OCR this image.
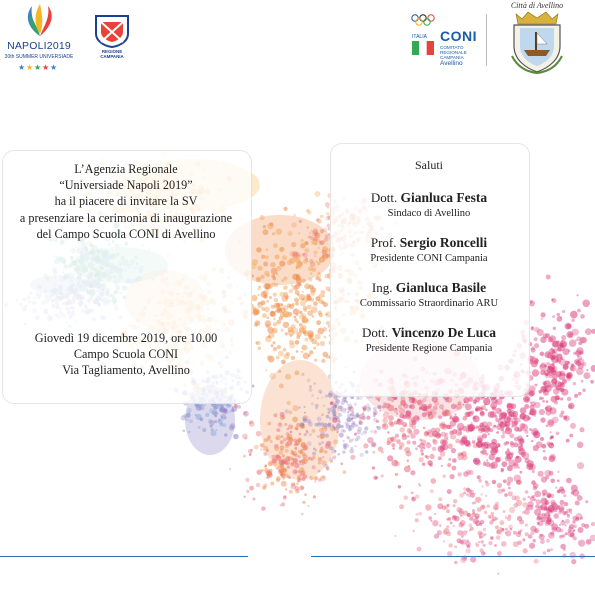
NAPOLI2019
30th SUMMER UNIVERSIADE
★ ★ ★ ★ ★
REGIONE CAMPANIA
ITALIA CONI
COMITATO REGIONALE CAMPANIA
Avellino
Città di Avellino
L’Agenzia Regionale
“Universiade Napoli 2019”
ha il piacere di invitare la SV
a presenziare la cerimonia di inaugurazione
del Campo Scuola CONI di Avellino
Giovedì 19 dicembre 2019, ore 10.00
Campo Scuola CONI
Via Tagliamento, Avellino
Saluti
Dott. Gianluca Festa
Sindaco di Avellino
Prof. Sergio Roncelli
Presidente CONI Campania
Ing. Gianluca Basile
Commissario Straordinario ARU
Dott. Vincenzo De Luca
Presidente Regione Campania
